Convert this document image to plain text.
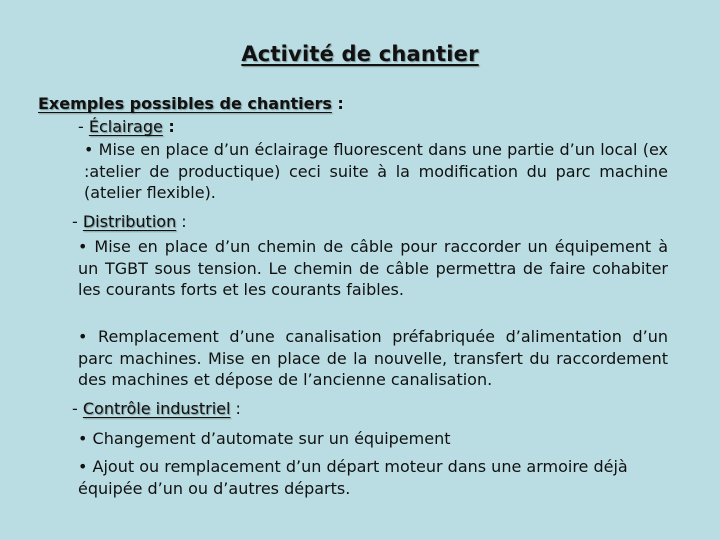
Activité de chantier
Exemples possibles de chantiers :
- Éclairage :
• Mise en place d’un éclairage fluorescent dans une partie d’un local (ex :atelier de productique) ceci suite à la modification du parc machine (atelier flexible).
- Distribution :
• Mise en place d’un chemin de câble pour raccorder un équipement à un TGBT sous tension. Le chemin de câble permettra de faire cohabiter les courants forts et les courants faibles.
• Remplacement d’une canalisation préfabriquée d’alimentation d’un parc machines. Mise en place de la nouvelle, transfert du raccordement des machines et dépose de l’ancienne canalisation.
- Contrôle industriel :
• Changement d’automate sur un équipement
• Ajout ou remplacement d’un départ moteur dans une armoire déjà équipée d’un ou d’autres départs.
